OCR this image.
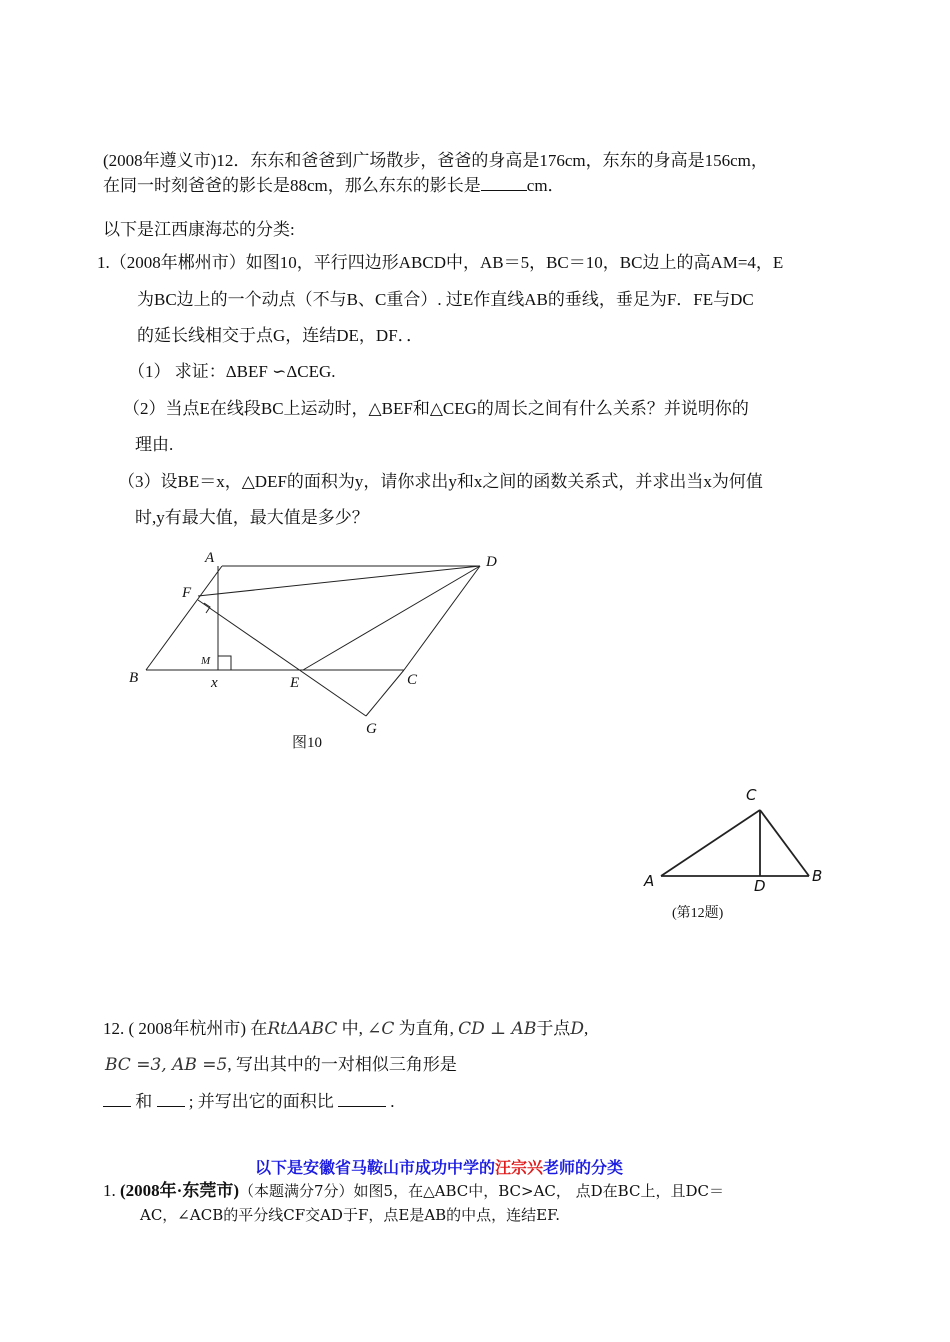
(2008年遵义市)12．东东和爸爸到广场散步，爸爸的身高是176cm，东东的身高是156cm，
在同一时刻爸爸的影长是88cm，那么东东的影长是	cm．
以下是江西康海芯的分类:
1.（2008年郴州市）如图10，平行四边形ABCD中，AB＝5，BC＝10，BC边上的高AM=4，E
为BC边上的一个动点（不与B、C重合）. 过E作直线AB的垂线，垂足为F．FE与DC
的延长线相交于点G，连结DE，DF．．
（1） 求证：ΔBEF ∽ΔCEG.
（2）当点E在线段BC上运动时，△BEF和△CEG的周长之间有什么关系？并说明你的
理由.
（3）设BE＝x，△DEF的面积为y，请你求出y和x之间的函数关系式，并求出当x为何值
时,y有最大值，最大值是多少？
A	D
F
M
B	x	E	C
G
图10
C
A	D
B
(第12题)
12. ( 2008年杭州市) 在RtΔABC 中, ∠C 为直角, CD ⊥ AB于点D,
BC =3, AB =5, 写出其中的一对相似三角形是
和  ; 并写出它的面积比	.
以下是安徽省马鞍山市成功中学的汪宗兴老师的分类
1. (2008年·东莞市)（本题满分7分）如图5，在△ABC中，BC>AC， 点D在BC上，且DC＝
AC，∠ACB的平分线CF交AD于F，点E是AB的中点，连结EF.
